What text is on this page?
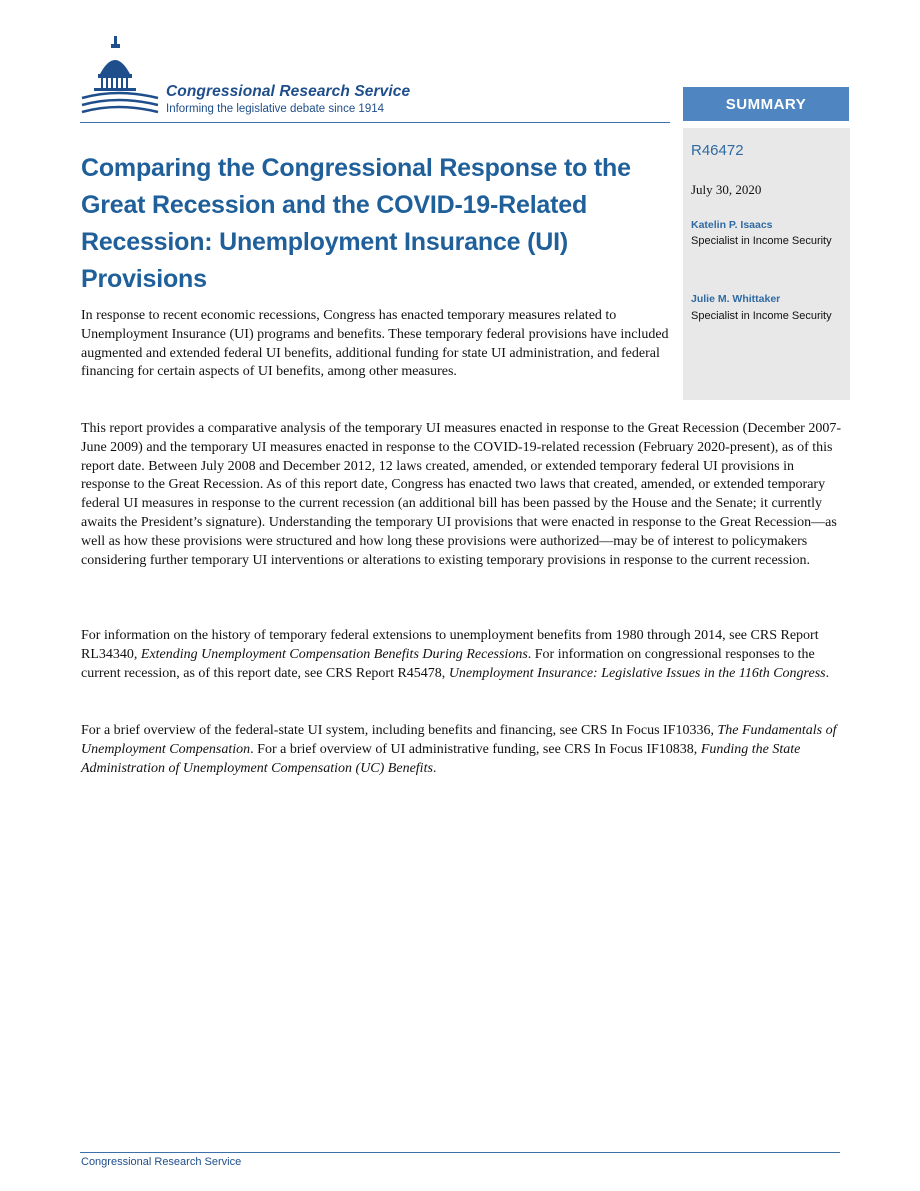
Congressional Research Service
Informing the legislative debate since 1914	SUMMARY
R46472
July 30, 2020
Katelin P. Isaacs
Specialist in Income Security
Julie M. Whittaker
Specialist in Income Security
Comparing the Congressional Response to the Great Recession and the COVID-19-Related Recession: Unemployment Insurance (UI) Provisions

In response to recent economic recessions, Congress has enacted temporary measures related to Unemployment Insurance (UI) programs and benefits. These temporary federal provisions have included augmented and extended federal UI benefits, additional funding for state UI administration, and federal financing for certain aspects of UI benefits, among other measures.

This report provides a comparative analysis of the temporary UI measures enacted in response to the Great Recession (December 2007-June 2009) and the temporary UI measures enacted in response to the COVID-19-related recession (February 2020-present), as of this report date. Between July 2008 and December 2012, 12 laws created, amended, or extended temporary federal UI provisions in response to the Great Recession. As of this report date, Congress has enacted two laws that created, amended, or extended temporary federal UI measures in response to the current recession (an additional bill has been passed by the House and the Senate; it currently awaits the President’s signature). Understanding the temporary UI provisions that were enacted in response to the Great Recession—as well as how these provisions were structured and how long these provisions were authorized—may be of interest to policymakers considering further temporary UI interventions or alterations to existing temporary provisions in response to the current recession.

For information on the history of temporary federal extensions to unemployment benefits from 1980 through 2014, see CRS Report RL34340, Extending Unemployment Compensation Benefits During Recessions. For information on congressional responses to the current recession, as of this report date, see CRS Report R45478, Unemployment Insurance: Legislative Issues in the 116th Congress.

For a brief overview of the federal-state UI system, including benefits and financing, see CRS In Focus IF10336, The Fundamentals of Unemployment Compensation. For a brief overview of UI administrative funding, see CRS In Focus IF10838, Funding the State Administration of Unemployment Compensation (UC) Benefits.

Congressional Research Service
